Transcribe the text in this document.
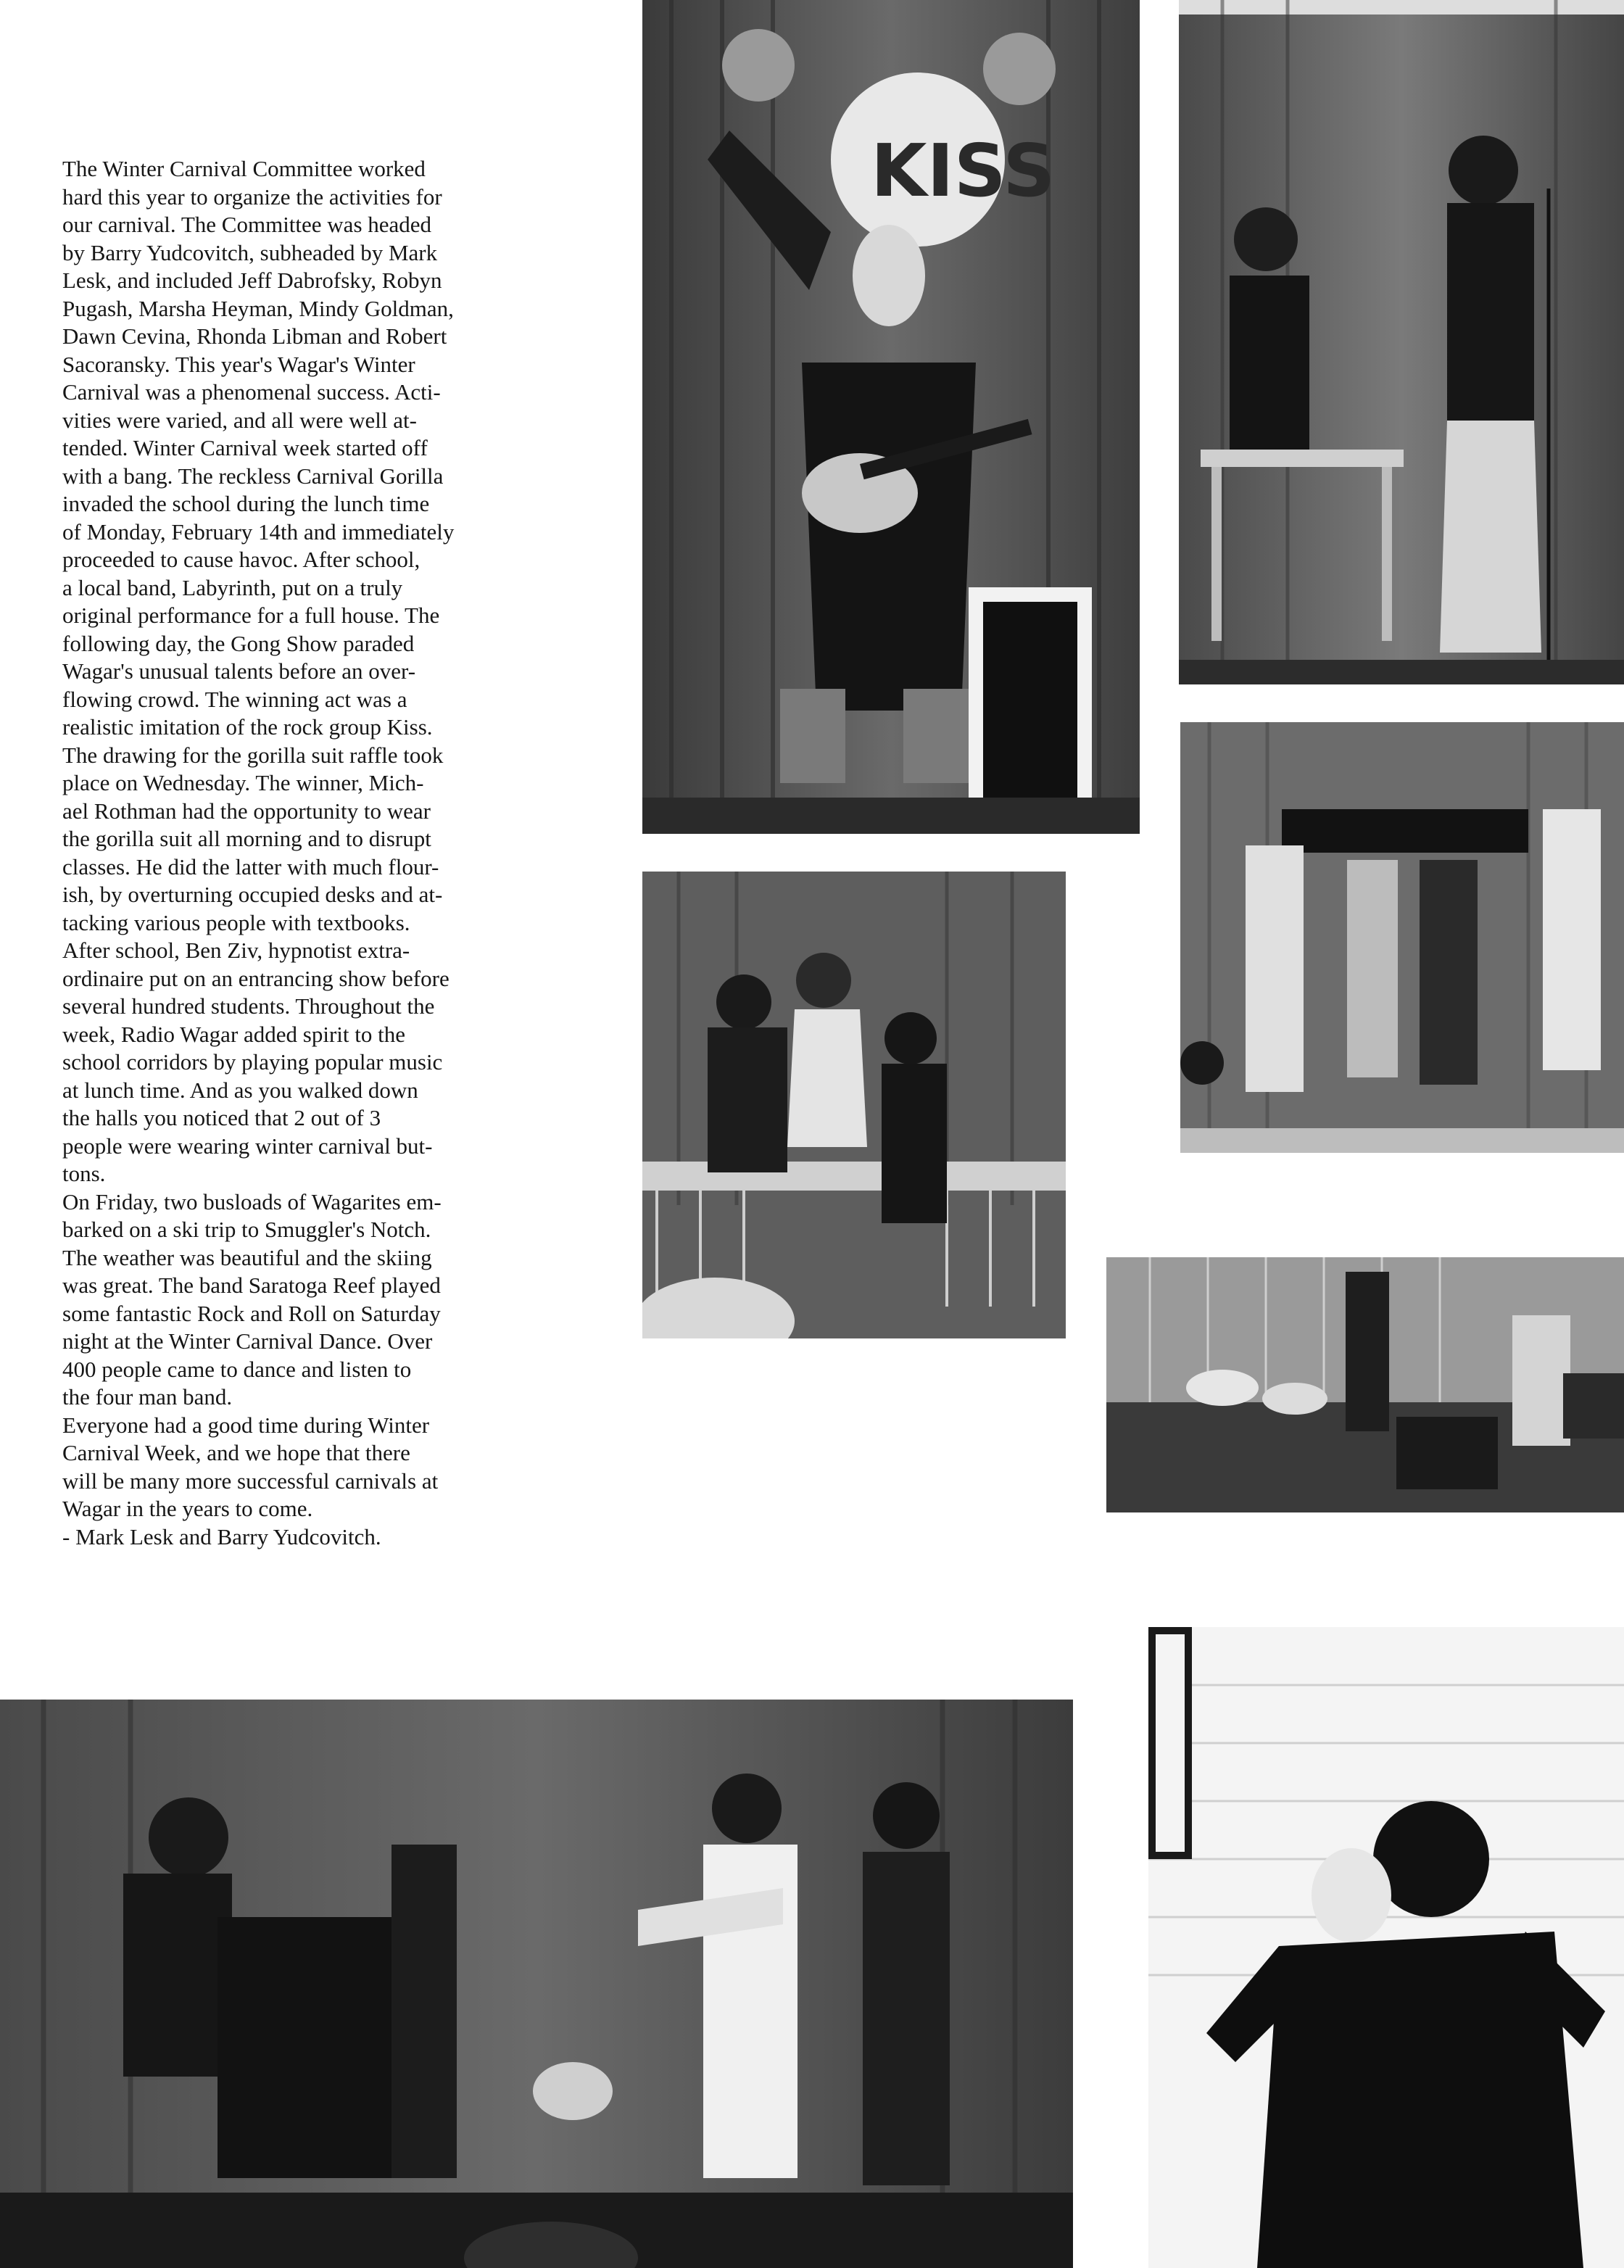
The Winter Carnival Committee worked
hard this year to organize the activities for
our carnival. The Committee was headed
by Barry Yudcovitch, subheaded by Mark
Lesk, and included Jeff Dabrofsky, Robyn
Pugash, Marsha Heyman, Mindy Goldman,
Dawn Cevina, Rhonda Libman and Robert
Sacoransky. This year's Wagar's Winter
Carnival was a phenomenal success. Acti-
vities were varied, and all were well at-
tended. Winter Carnival week started off
with a bang. The reckless Carnival Gorilla
invaded the school during the lunch time
of Monday, February 14th and immediately
proceeded to cause havoc. After school,
a local band, Labyrinth, put on a truly
original performance for a full house. The
following day, the Gong Show paraded
Wagar's unusual talents before an over-
flowing crowd. The winning act was a
realistic imitation of the rock group Kiss.
The drawing for the gorilla suit raffle took
place on Wednesday. The winner, Mich-
ael Rothman had the opportunity to wear
the gorilla suit all morning and to disrupt
classes. He did the latter with much flour-
ish, by overturning occupied desks and at-
tacking various people with textbooks.
After school, Ben Ziv, hypnotist extra-
ordinaire put on an entrancing show before
several hundred students. Throughout the
week, Radio Wagar added spirit to the
school corridors by playing popular music
at lunch time. And as you walked down
the halls you noticed that 2 out of 3
people were wearing winter carnival but-
tons.

On Friday, two busloads of Wagarites em-
barked on a ski trip to Smuggler's Notch.
The weather was beautiful and the skiing
was great. The band Saratoga Reef played
some fantastic Rock and Roll on Saturday
night at the Winter Carnival Dance. Over
400 people came to dance and listen to
the four man band.

Everyone had a good time during Winter
Carnival Week, and we hope that there
will be many more successful carnivals at
Wagar in the years to come.

- Mark Lesk and Barry Yudcovitch.

KISS
